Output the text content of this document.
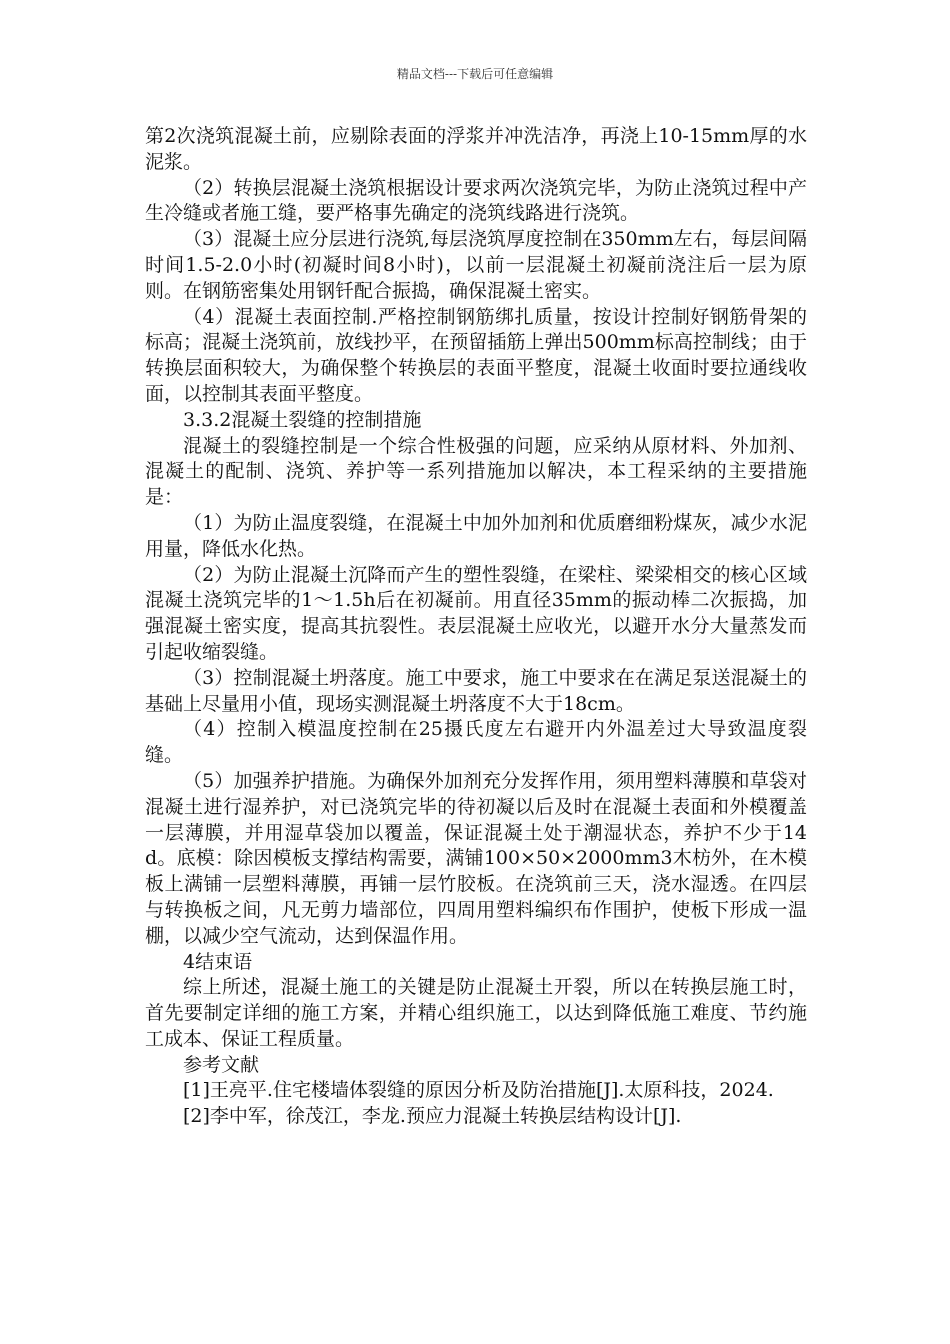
精品文档---下载后可任意编辑

第2次浇筑混凝土前，应剔除表面的浮浆并冲洗洁净，再浇上10-15mm厚的水泥浆。

（2）转换层混凝土浇筑根据设计要求两次浇筑完毕，为防止浇筑过程中产生冷缝或者施工缝，要严格事先确定的浇筑线路进行浇筑。

（3）混凝土应分层进行浇筑,每层浇筑厚度控制在350mm左右，每层间隔时间1.5-2.0小时(初凝时间8小时)，以前一层混凝土初凝前浇注后一层为原则。在钢筋密集处用钢钎配合振捣，确保混凝土密实。

（4）混凝土表面控制.严格控制钢筋绑扎质量，按设计控制好钢筋骨架的标高；混凝土浇筑前，放线抄平，在预留插筋上弹出500mm标高控制线；由于转换层面积较大，为确保整个转换层的表面平整度，混凝土收面时要拉通线收面，以控制其表面平整度。

3.3.2混凝土裂缝的控制措施

混凝土的裂缝控制是一个综合性极强的问题，应采纳从原材料、外加剂、混凝土的配制、浇筑、养护等一系列措施加以解决，本工程采纳的主要措施是：

（1）为防止温度裂缝，在混凝土中加外加剂和优质磨细粉煤灰，减少水泥用量，降低水化热。

（2）为防止混凝土沉降而产生的塑性裂缝，在梁柱、梁梁相交的核心区域混凝土浇筑完毕的1～1.5h后在初凝前。用直径35mm的振动棒二次振捣，加强混凝土密实度，提高其抗裂性。表层混凝土应收光，以避开水分大量蒸发而引起收缩裂缝。

（3）控制混凝土坍落度。施工中要求，施工中要求在在满足泵送混凝土的基础上尽量用小值，现场实测混凝土坍落度不大于18cm。

（4）控制入模温度控制在25摄氏度左右避开内外温差过大导致温度裂缝。

（5）加强养护措施。为确保外加剂充分发挥作用，须用塑料薄膜和草袋对混凝土进行湿养护，对已浇筑完毕的待初凝以后及时在混凝土表面和外模覆盖一层薄膜，并用湿草袋加以覆盖，保证混凝土处于潮湿状态，养护不少于14d。底模：除因模板支撑结构需要，满铺100×50×2000mm3木枋外，在木模板上满铺一层塑料薄膜，再铺一层竹胶板。在浇筑前三天，浇水湿透。在四层与转换板之间，凡无剪力墙部位，四周用塑料编织布作围护，使板下形成一温棚，以减少空气流动，达到保温作用。

4结束语

综上所述，混凝土施工的关键是防止混凝土开裂，所以在转换层施工时，首先要制定详细的施工方案，并精心组织施工，以达到降低施工难度、节约施工成本、保证工程质量。

参考文献

[1]王亮平.住宅楼墙体裂缝的原因分析及防治措施[J].太原科技，2024.

[2]李中军，徐茂江，李龙.预应力混凝土转换层结构设计[J].
